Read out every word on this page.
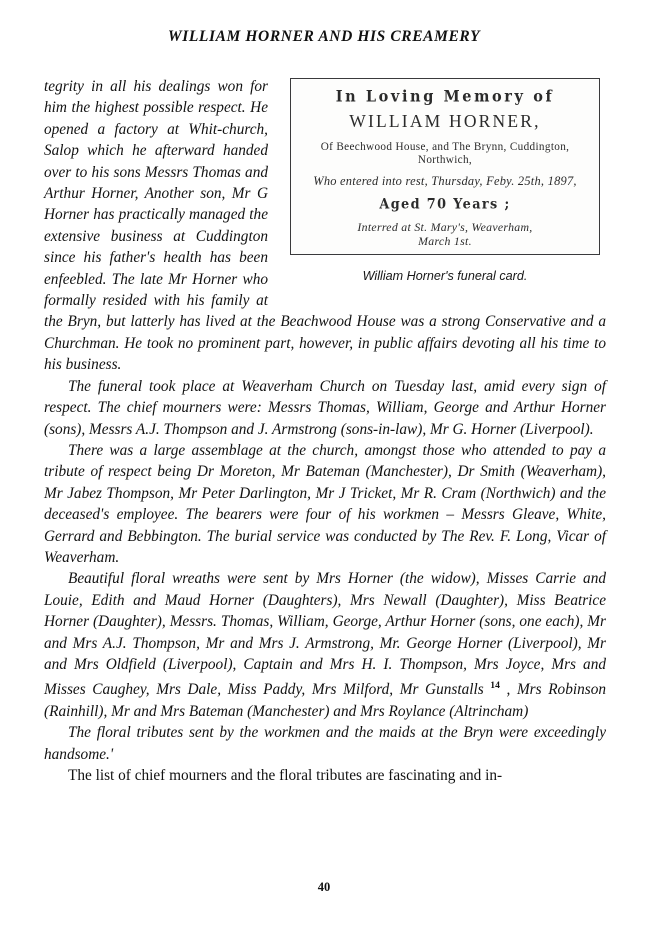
WILLIAM HORNER AND HIS CREAMERY
In Loving Memory of
WILLIAM HORNER,
Of Beechwood House, and The Brynn, Cuddington,
Northwich,
Who entered into rest, Thursday, Feby. 25th, 1897,
Aged 70 Years ;
Interred at St. Mary's, Weaverham,
March 1st.
William Horner's funeral card.

tegrity in all his dealings won for him the highest possible respect. He opened a factory at Whit-church, Salop which he afterward handed over to his sons Messrs Thomas and Arthur Horner, Another son, Mr G Horner has practically managed the extensive business at Cuddington since his father's health has been enfeebled. The late Mr Horner who formally resided with his family at the Bryn, but latterly has lived at the Beachwood House was a strong Conservative and a Churchman. He took no prominent part, however, in public affairs devoting all his time to his business.

The funeral took place at Weaverham Church on Tuesday last, amid every sign of respect. The chief mourners were: Messrs Thomas, William, George and Arthur Horner (sons), Messrs A.J. Thompson and J. Armstrong (sons-in-law), Mr G. Horner (Liverpool).

There was a large assemblage at the church, amongst those who attended to pay a tribute of respect being Dr Moreton, Mr Bateman (Manchester), Dr Smith (Weaverham), Mr Jabez Thompson, Mr Peter Darlington, Mr J Tricket, Mr R. Cram (Northwich) and the deceased's employee. The bearers were four of his workmen – Messrs Gleave, White, Gerrard and Bebbington. The burial service was conducted by The Rev. F. Long, Vicar of Weaverham.

Beautiful floral wreaths were sent by Mrs Horner (the widow), Misses Carrie and Louie, Edith and Maud Horner (Daughters), Mrs Newall (Daughter), Miss Beatrice Horner (Daughter), Messrs. Thomas, William, George, Arthur Horner (sons, one each), Mr and Mrs A.J. Thompson, Mr and Mrs J. Armstrong, Mr. George Horner (Liverpool), Mr and Mrs Oldfield (Liverpool), Captain and Mrs H. I. Thompson, Mrs Joyce, Mrs and Misses Caughey, Mrs Dale, Miss Paddy, Mrs Milford, Mr Gunstalls $^{14}$ , Mrs Robinson (Rainhill), Mr and Mrs Bateman (Manchester) and Mrs Roylance (Altrincham)

The floral tributes sent by the workmen and the maids at the Bryn were exceedingly handsome.'

The list of chief mourners and the floral tributes are fascinating and in-

40
